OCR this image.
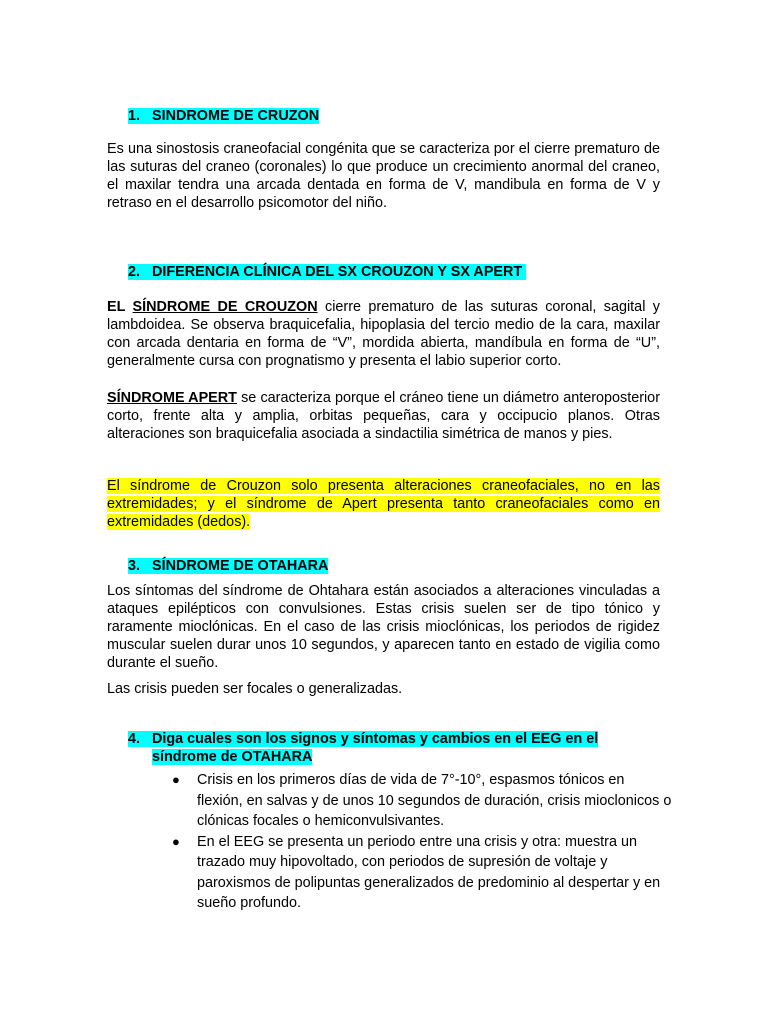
1. SINDROME DE CRUZON

Es una sinostosis craneofacial congénita que se caracteriza por el cierre prematuro de las suturas del craneo (coronales) lo que produce un crecimiento anormal del craneo, el maxilar tendra una arcada dentada en forma de V, mandibula en forma de V y retraso en el desarrollo psicomotor del niño.

2. DIFERENCIA CLÍNICA DEL SX CROUZON Y SX APERT

EL SÍNDROME DE CROUZON cierre prematuro de las suturas coronal, sagital y lambdoidea. Se observa braquicefalia, hipoplasia del tercio medio de la cara, maxilar con arcada dentaria en forma de “V”, mordida abierta, mandíbula en forma de “U”, generalmente cursa con prognatismo y presenta el labio superior corto.

SÍNDROME APERT se caracteriza porque el cráneo tiene un diámetro anteroposterior corto, frente alta y amplia, orbitas pequeñas, cara y occipucio planos. Otras alteraciones son braquicefalia asociada a sindactilia simétrica de manos y pies.

El síndrome de Crouzon solo presenta alteraciones craneofaciales, no en las extremidades; y el síndrome de Apert presenta tanto craneofaciales como en extremidades (dedos).

3. SÍNDROME DE OTAHARA

Los síntomas del síndrome de Ohtahara están asociados a alteraciones vinculadas a ataques epilépticos con convulsiones. Estas crisis suelen ser de tipo tónico y raramente mioclónicas. En el caso de las crisis mioclónicas, los periodos de rigidez muscular suelen durar unos 10 segundos, y aparecen tanto en estado de vigilia como durante el sueño.

Las crisis pueden ser focales o generalizadas.

4. Diga cuales son los signos y síntomas y cambios en el EEG en el
síndrome de OTAHARA
● Crisis en los primeros días de vida de 7°-10°, espasmos tónicos en flexión, en salvas y de unos 10 segundos de duración, crisis mioclonicos o clónicas focales o hemiconvulsivantes.
● En el EEG se presenta un periodo entre una crisis y otra: muestra un trazado muy hipovoltado, con periodos de supresión de voltaje y paroxismos de polipuntas generalizados de predominio al despertar y en sueño profundo.
